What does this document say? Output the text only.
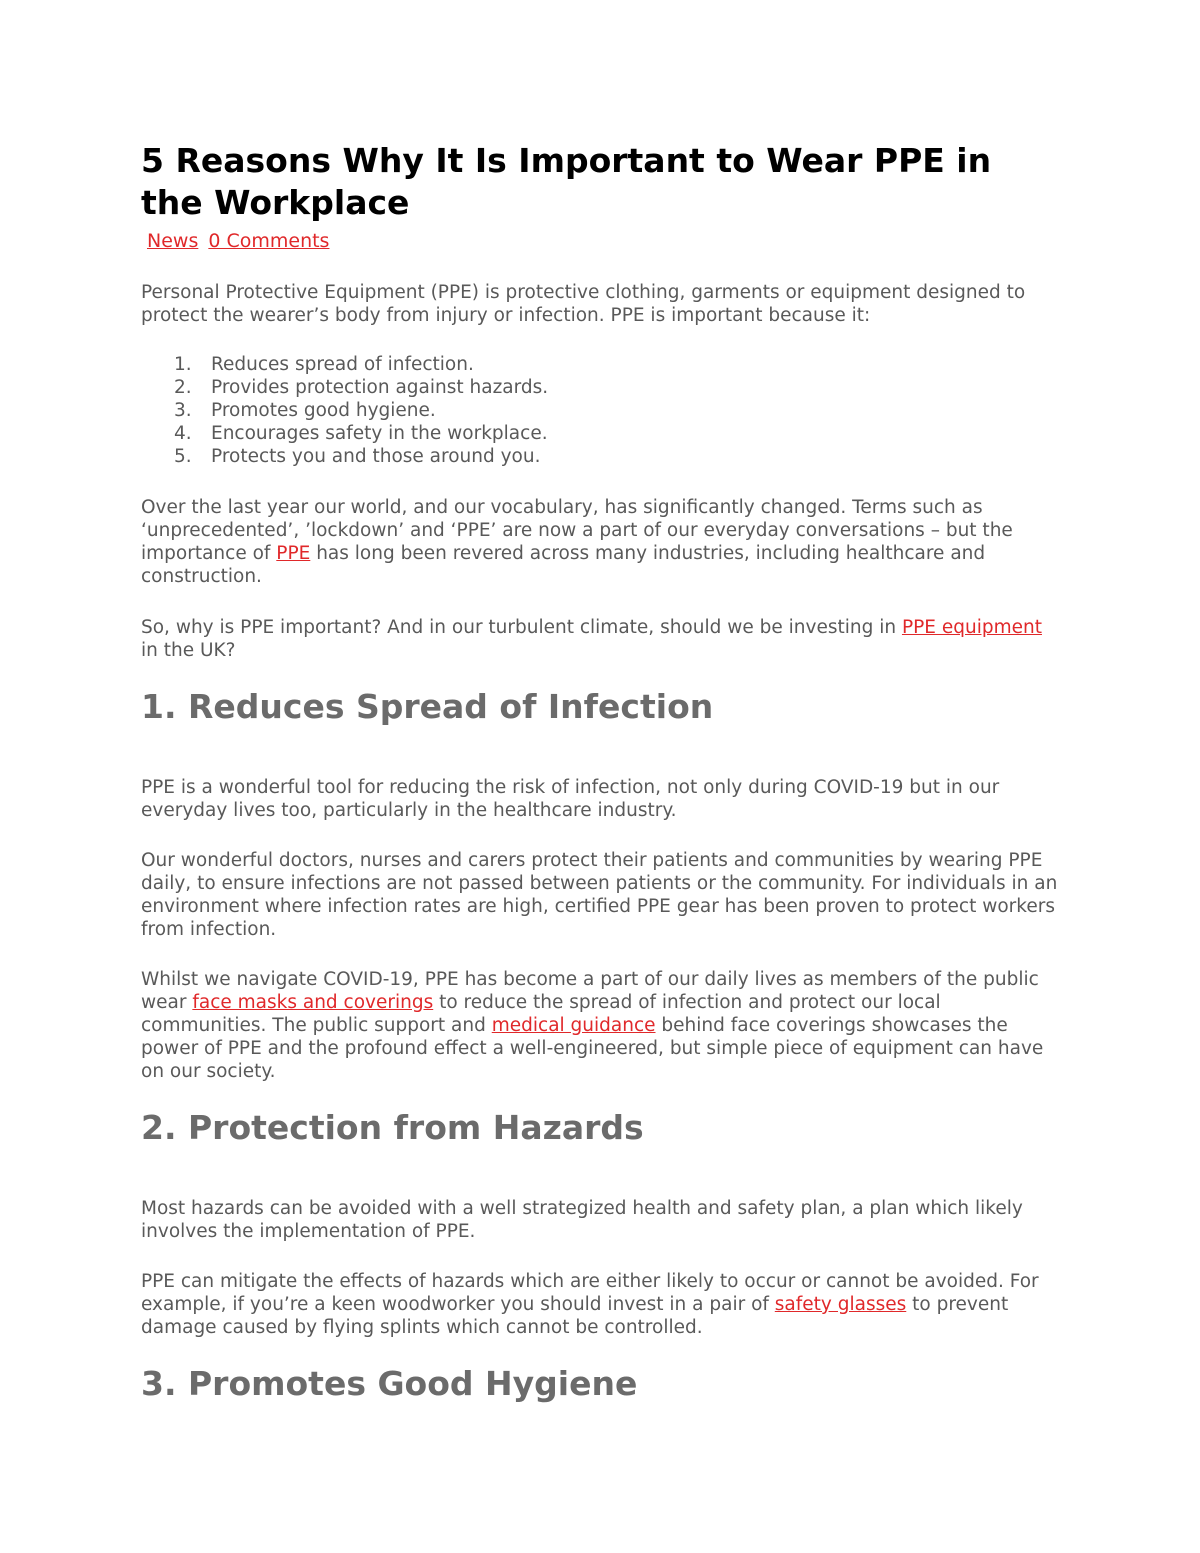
5 Reasons Why It Is Important to Wear PPE in the Workplace
News 0 Comments

Personal Protective Equipment (PPE) is protective clothing, garments or equipment designed to protect the wearer’s body from injury or infection. PPE is important because it:

1.	Reduces spread of infection.
2.	Provides protection against hazards.
3.	Promotes good hygiene.
4.	Encourages safety in the workplace.
5.	Protects you and those around you.

Over the last year our world, and our vocabulary, has significantly changed. Terms such as ‘unprecedented’, ’lockdown’ and ‘PPE’ are now a part of our everyday conversations – but the importance of PPE has long been revered across many industries, including healthcare and construction.

So, why is PPE important? And in our turbulent climate, should we be investing in PPE equipment in the UK?

1. Reduces Spread of Infection

PPE is a wonderful tool for reducing the risk of infection, not only during COVID-19 but in our everyday lives too, particularly in the healthcare industry.

Our wonderful doctors, nurses and carers protect their patients and communities by wearing PPE daily, to ensure infections are not passed between patients or the community. For individuals in an environment where infection rates are high, certified PPE gear has been proven to protect workers from infection.

Whilst we navigate COVID-19, PPE has become a part of our daily lives as members of the public wear face masks and coverings to reduce the spread of infection and protect our local communities. The public support and medical guidance behind face coverings showcases the power of PPE and the profound effect a well-engineered, but simple piece of equipment can have on our society.

2. Protection from Hazards

Most hazards can be avoided with a well strategized health and safety plan, a plan which likely involves the implementation of PPE.

PPE can mitigate the effects of hazards which are either likely to occur or cannot be avoided. For example, if you’re a keen woodworker you should invest in a pair of safety glasses to prevent damage caused by flying splints which cannot be controlled.

3. Promotes Good Hygiene
